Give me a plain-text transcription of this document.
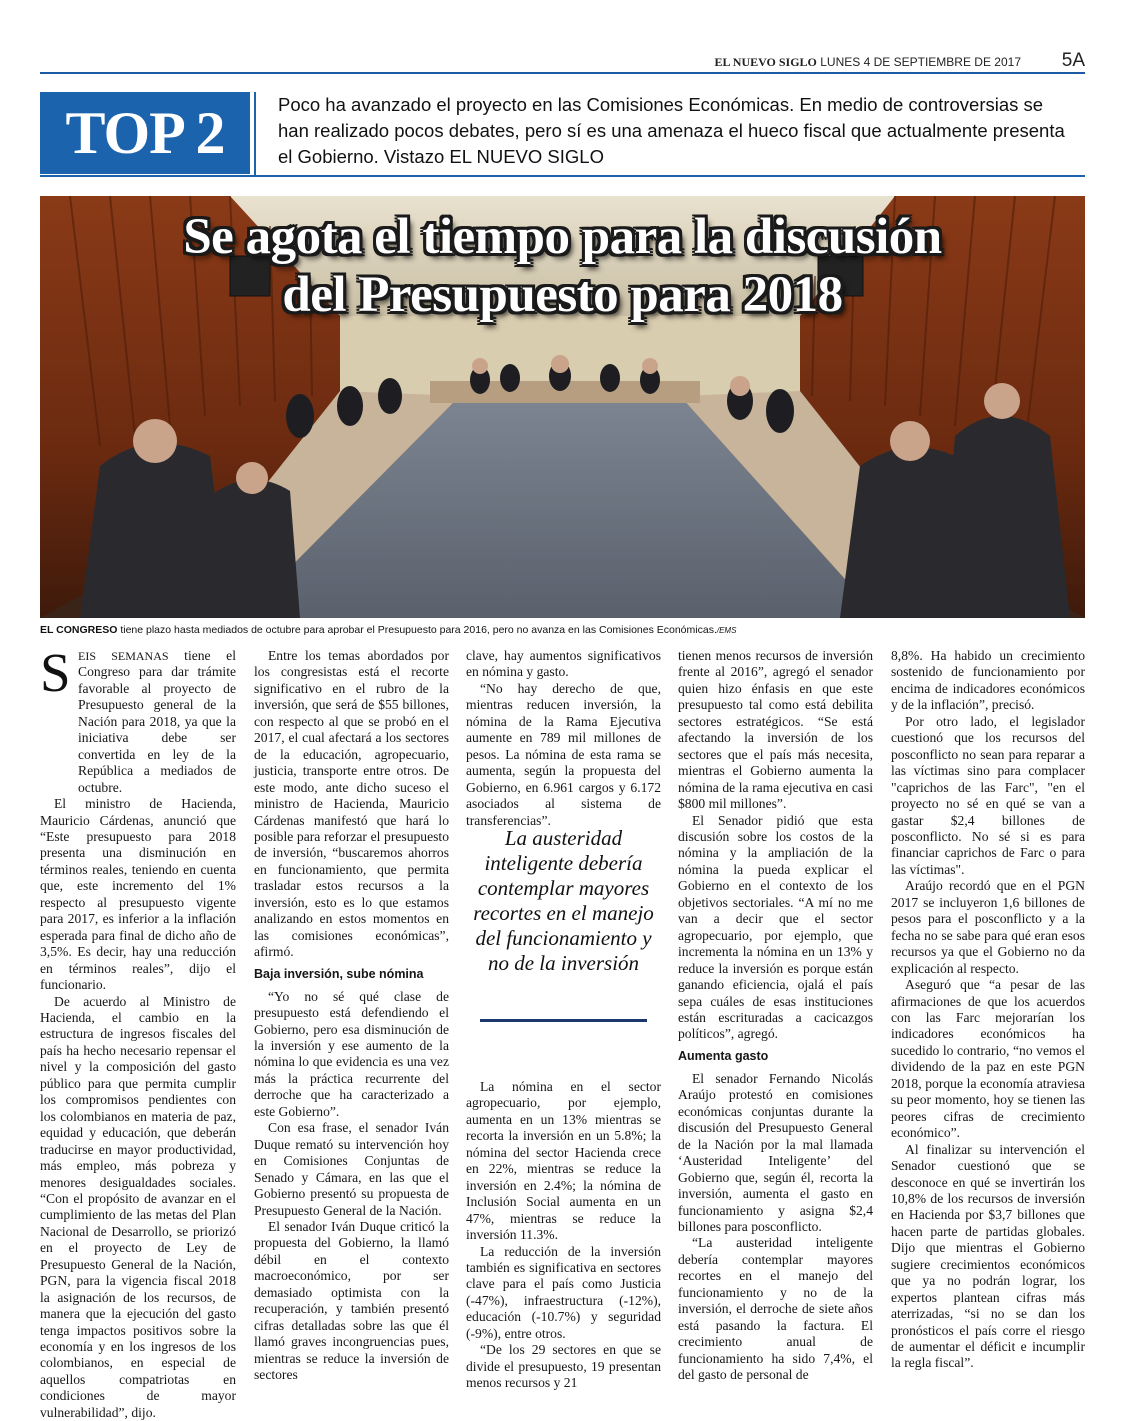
EL NUEVO SIGLO LUNES 4 DE SEPTIEMBRE DE 2017 5A
TOP 2	Poco ha avanzado el proyecto en las Comisiones Económicas. En medio de controversias se han realizado pocos debates, pero sí es una amenaza el hueco fiscal que actualmente presenta el Gobierno. Vistazo EL NUEVO SIGLO
Se agota el tiempo para la discusión
del Presupuesto para 2018
EL CONGRESO tiene plazo hasta mediados de octubre para aprobar el Presupuesto para 2016, pero no avanza en las Comisiones Económicas./EMS

S EIS SEMANAS tiene el Congreso para dar trámite favorable al proyecto de Presupuesto general de la Nación para 2018, ya que la iniciativa debe ser convertida en ley de la República a mediados de octubre.

El ministro de Hacienda, Mauricio Cárdenas, anunció que “Este presupuesto para 2018 presenta una disminución en términos reales, teniendo en cuenta que, este incremento del 1% respecto al presupuesto vigente para 2017, es inferior a la inflación esperada para final de dicho año de 3,5%. Es decir, hay una reducción en términos reales”, dijo el funcionario.

De acuerdo al Ministro de Hacienda, el cambio en la estructura de ingresos fiscales del país ha hecho necesario repensar el nivel y la composición del gasto público para que permita cumplir los compromisos pendientes con los colombianos en materia de paz, equidad y educación, que deberán traducirse en mayor productividad, más empleo, más pobreza y menores desigualdades sociales. “Con el propósito de avanzar en el cumplimiento de las metas del Plan Nacional de Desarrollo, se priorizó en el proyecto de Ley de Presupuesto General de la Nación, PGN, para la vigencia fiscal 2018 la asignación de los recursos, de manera que la ejecución del gasto tenga impactos positivos sobre la economía y en los ingresos de los colombianos, en especial de aquellos compatriotas en condiciones de mayor vulnerabilidad”, dijo.

Entre los temas abordados por los congresistas está el recorte significativo en el rubro de la inversión, que será de $55 billones, con respecto al que se probó en el 2017, el cual afectará a los sectores de la educación, agropecuario, justicia, transporte entre otros. De este modo, ante dicho suceso el ministro de Hacienda, Mauricio Cárdenas manifestó que hará lo posible para reforzar el presupuesto de inversión, “buscaremos ahorros en funcionamiento, que permita trasladar estos recursos a la inversión, esto es lo que estamos analizando en estos momentos en las comisiones económicas”, afirmó.

Baja inversión, sube nómina

“Yo no sé qué clase de presupuesto está defendiendo el Gobierno, pero esa disminución de la inversión y ese aumento de la nómina lo que evidencia es una vez más la práctica recurrente del derroche que ha caracterizado a este Gobierno”.

Con esa frase, el senador Iván Duque remató su intervención hoy en Comisiones Conjuntas de Senado y Cámara, en las que el Gobierno presentó su propuesta de Presupuesto General de la Nación.

El senador Iván Duque criticó la propuesta del Gobierno, la llamó débil en el contexto macroeconómico, por ser demasiado optimista con la recuperación, y también presentó cifras detalladas sobre las que él llamó graves incongruencias pues, mientras se reduce la inversión de sectores

clave, hay aumentos significativos en nómina y gasto.

“No hay derecho de que, mientras reducen inversión, la nómina de la Rama Ejecutiva aumente en 789 mil millones de pesos. La nómina de esta rama se aumenta, según la propuesta del Gobierno, en 6.961 cargos y 6.172 asociados al sistema de transferencias”.

La nómina en el sector agropecuario, por ejemplo, aumenta en un 13% mientras se recorta la inversión en un 5.8%; la nómina del sector Hacienda crece en 22%, mientras se reduce la inversión en 2.4%; la nómina de Inclusión Social aumenta en un 47%, mientras se reduce la inversión 11.3%.

La reducción de la inversión también es significativa en sectores clave para el país como Justicia (-47%), infraestructura (-12%), educación (-10.7%) y seguridad (-9%), entre otros.

“De los 29 sectores en que se divide el presupuesto, 19 presentan menos recursos y 21

La austeridad inteligente debería contemplar mayores recortes en el manejo del funcionamiento y no de la inversión

tienen menos recursos de inversión frente al 2016”, agregó el senador quien hizo énfasis en que este presupuesto tal como está debilita sectores estratégicos. “Se está afectando la inversión de los sectores que el país más necesita, mientras el Gobierno aumenta la nómina de la rama ejecutiva en casi $800 mil millones”.

El Senador pidió que esta discusión sobre los costos de la nómina y la ampliación de la nómina la pueda explicar el Gobierno en el contexto de los objetivos sectoriales. “A mí no me van a decir que el sector agropecuario, por ejemplo, que incrementa la nómina en un 13% y reduce la inversión es porque están ganando eficiencia, ojalá el país sepa cuáles de esas instituciones están escrituradas a cacicazgos políticos”, agregó.

Aumenta gasto

El senador Fernando Nicolás Araújo protestó en comisiones económicas conjuntas durante la discusión del Presupuesto General de la Nación por la mal llamada ‘Austeridad Inteligente’ del Gobierno que, según él, recorta la inversión, aumenta el gasto en funcionamiento y asigna $2,4 billones para posconflicto.

“La austeridad inteligente debería contemplar mayores recortes en el manejo del funcionamiento y no de la inversión, el derroche de siete años está pasando la factura. El crecimiento anual de funcionamiento ha sido 7,4%, el del gasto de personal de

8,8%. Ha habido un crecimiento sostenido de funcionamiento por encima de indicadores económicos y de la inflación”, precisó.

Por otro lado, el legislador cuestionó que los recursos del posconflicto no sean para reparar a las víctimas sino para complacer "caprichos de las Farc", "en el proyecto no sé en qué se van a gastar $2,4 billones de posconflicto. No sé si es para financiar caprichos de Farc o para las víctimas".

Araújo recordó que en el PGN 2017 se incluyeron 1,6 billones de pesos para el posconflicto y a la fecha no se sabe para qué eran esos recursos ya que el Gobierno no da explicación al respecto.

Aseguró que “a pesar de las afirmaciones de que los acuerdos con las Farc mejorarían los indicadores económicos ha sucedido lo contrario, “no vemos el dividendo de la paz en este PGN 2018, porque la economía atraviesa su peor momento, hoy se tienen las peores cifras de crecimiento económico”.

Al finalizar su intervención el Senador cuestionó que se desconoce en qué se invertirán los 10,8% de los recursos de inversión en Hacienda por $3,7 billones que hacen parte de partidas globales. Dijo que mientras el Gobierno sugiere crecimientos económicos que ya no podrán lograr, los expertos plantean cifras más aterrizadas, “si no se dan los pronósticos el país corre el riesgo de aumentar el déficit e incumplir la regla fiscal”.
